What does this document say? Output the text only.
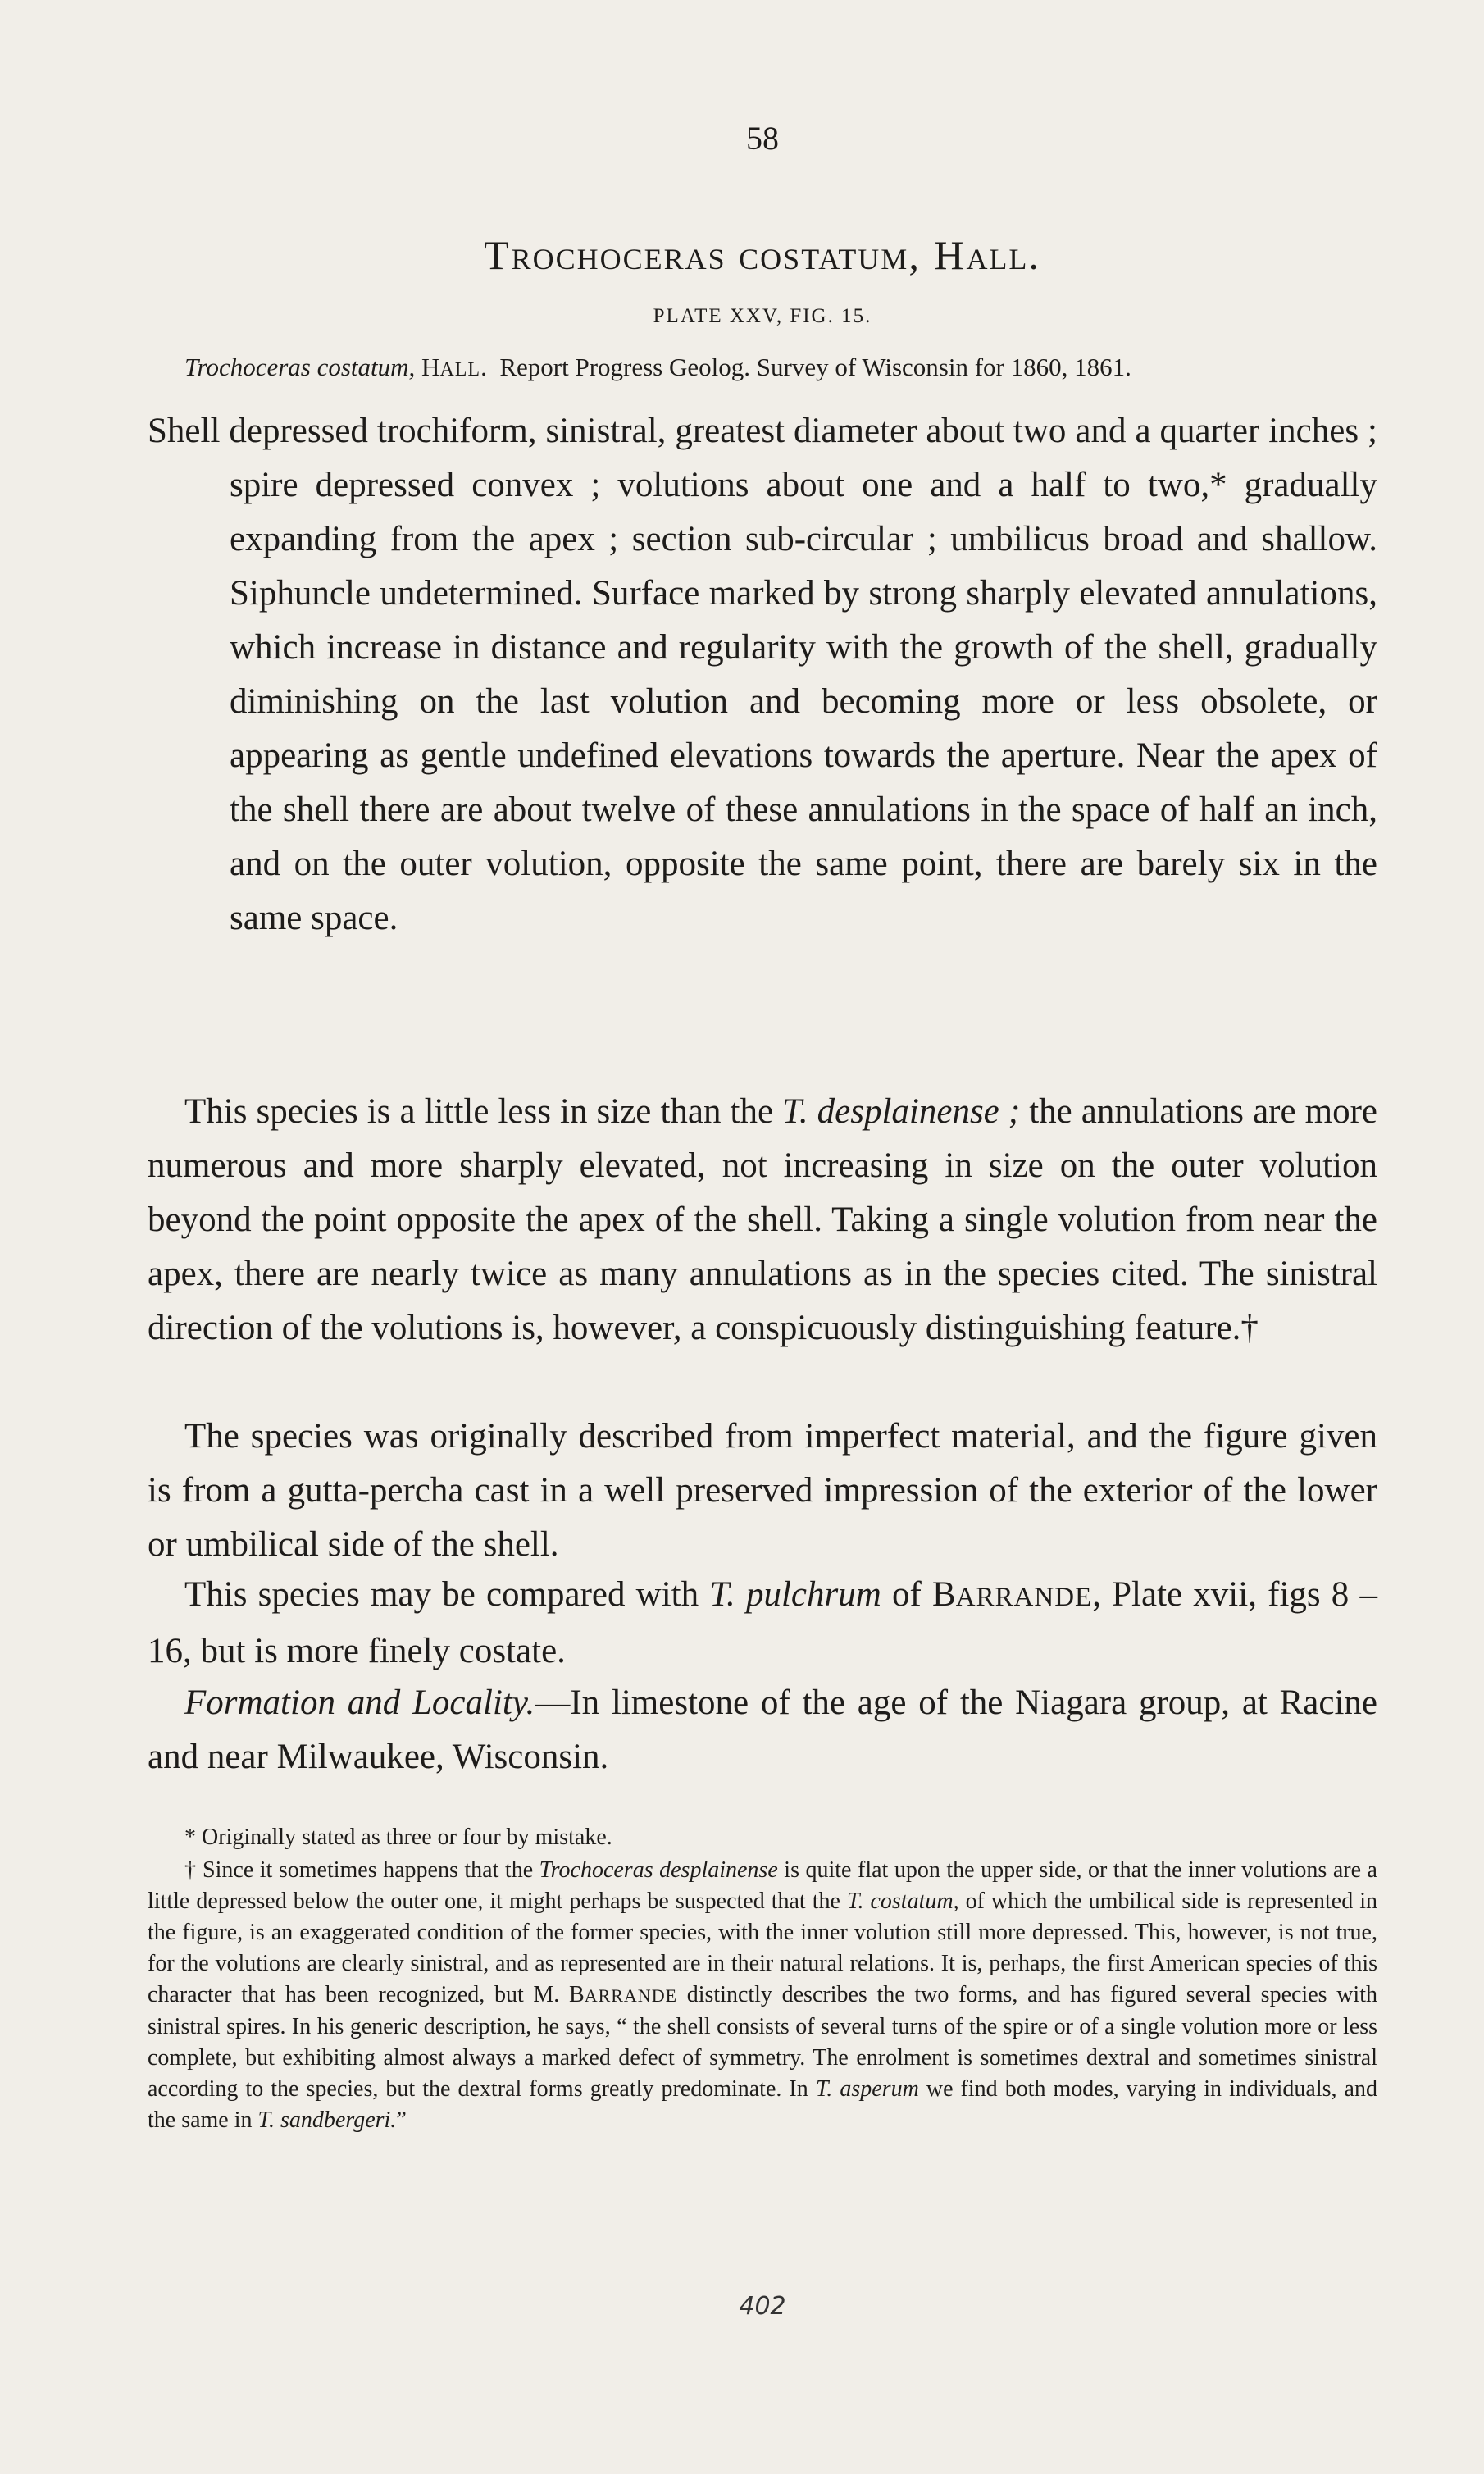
58
TROCHOCERAS COSTATUM, HALL.
PLATE XXV, FIG. 15.
Trochoceras costatum, HALL. Report Progress Geolog. Survey of Wisconsin for 1860, 1861.
Shell depressed trochiform, sinistral, greatest diameter about two and a quarter inches ; spire depressed convex ; volutions about one and a half to two,* gradually expanding from the apex ; section sub-circular ; umbilicus broad and shallow. Siphuncle undetermined. Surface marked by strong sharply elevated annulations, which increase in distance and regularity with the growth of the shell, gradually diminishing on the last volution and becoming more or less obsolete, or appearing as gentle undefined elevations towards the aperture. Near the apex of the shell there are about twelve of these annulations in the space of half an inch, and on the outer volution, opposite the same point, there are barely six in the same space.

This species is a little less in size than the T. desplainense ; the annulations are more numerous and more sharply elevated, not increasing in size on the outer volution beyond the point opposite the apex of the shell. Taking a single volution from near the apex, there are nearly twice as many annulations as in the species cited. The sinistral direction of the volutions is, however, a conspicuously distinguishing feature.†

The species was originally described from imperfect material, and the figure given is from a gutta-percha cast in a well preserved impression of the exterior of the lower or umbilical side of the shell.

This species may be compared with T. pulchrum of BARRANDE, Plate xvii, figs 8 – 16, but is more finely costate.

Formation and Locality.—In limestone of the age of the Niagara group, at Racine and near Milwaukee, Wisconsin.

* Originally stated as three or four by mistake.

† Since it sometimes happens that the Trochoceras desplainense is quite flat upon the upper side, or that the inner volutions are a little depressed below the outer one, it might perhaps be suspected that the T. costatum, of which the umbilical side is represented in the figure, is an exaggerated condition of the former species, with the inner volution still more depressed. This, however, is not true, for the volutions are clearly sinistral, and as represented are in their natural relations. It is, perhaps, the first American species of this character that has been recognized, but M. BARRANDE distinctly describes the two forms, and has figured several species with sinistral spires. In his generic description, he says, “ the shell consists of several turns of the spire or of a single volution more or less complete, but exhibiting almost always a marked defect of symmetry. The enrolment is sometimes dextral and sometimes sinistral according to the species, but the dextral forms greatly predominate. In T. asperum we find both modes, varying in individuals, and the same in T. sandbergeri.”

402
